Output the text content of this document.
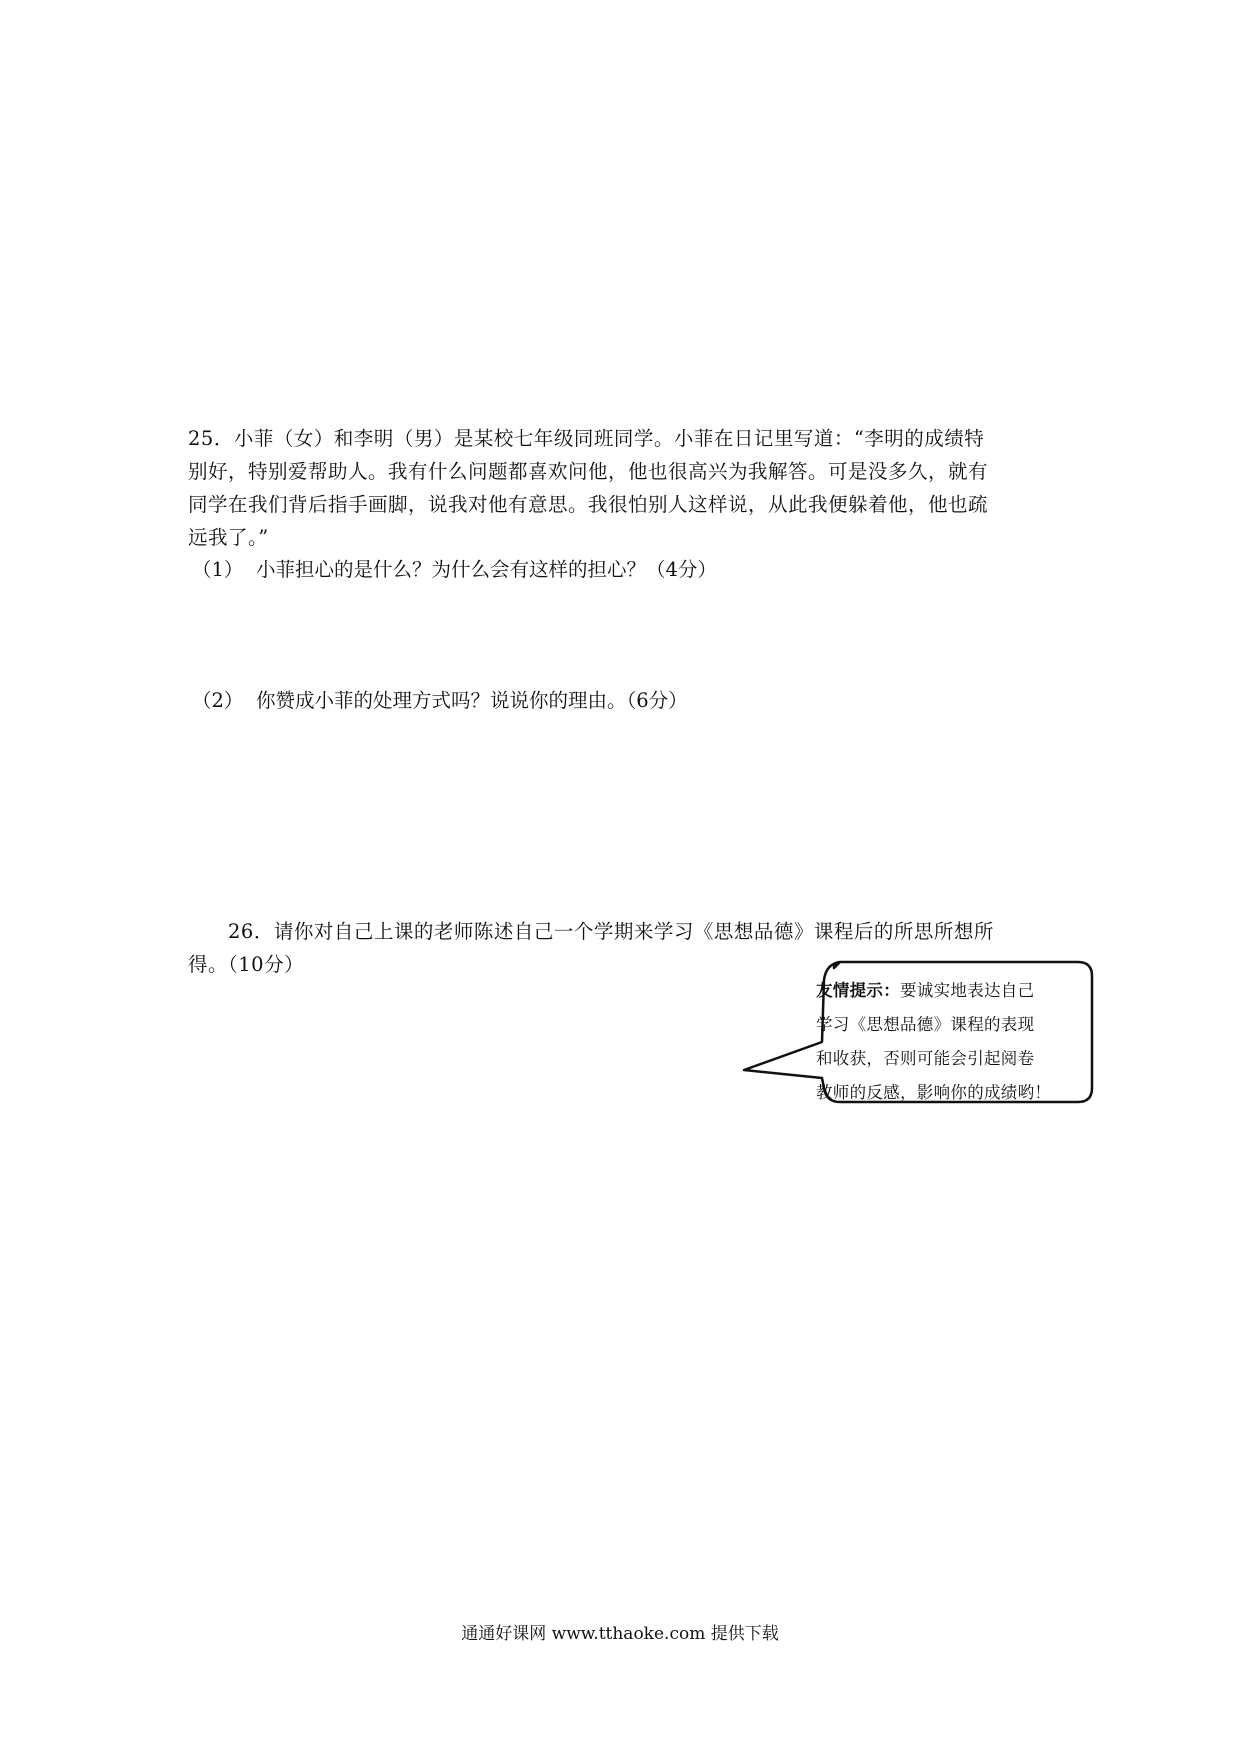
25．小菲（女）和李明（男）是某校七年级同班同学。小菲在日记里写道：“李明的成绩特
别好，特别爱帮助人。我有什么问题都喜欢问他，他也很高兴为我解答。可是没多久，就有
同学在我们背后指手画脚，说我对他有意思。我很怕别人这样说，从此我便躲着他，他也疏
远我了。”
（1） 小菲担心的是什么？为什么会有这样的担心？（4分）
（2） 你赞成小菲的处理方式吗？说说你的理由。（6分）
26．请你对自己上课的老师陈述自己一个学期来学习《思想品德》课程后的所思所想所
得。（10分）
友情提示：要诚实地表达自己
学习《思想品德》课程的表现
和收获，否则可能会引起阅卷
教师的反感，影响你的成绩哟！
通通好课网 www.tthaoke.com 提供下载
